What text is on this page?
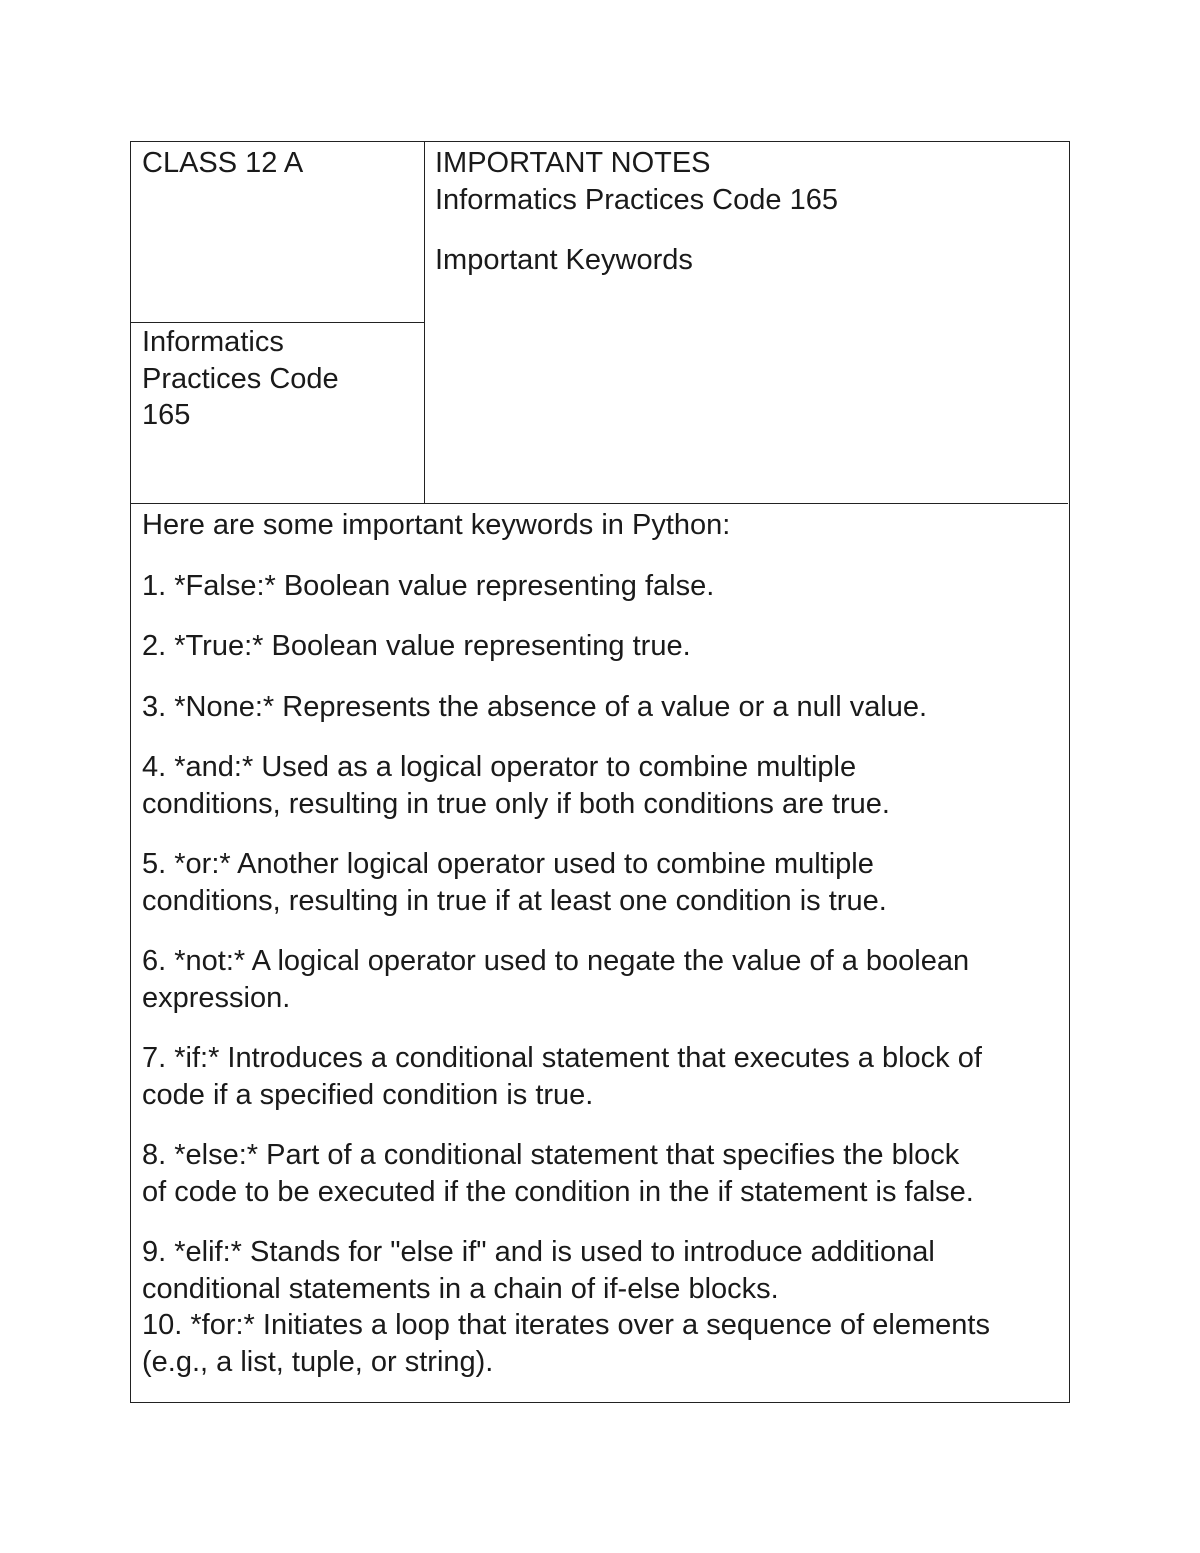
CLASS 12 A
Informatics
Practices Code
165
IMPORTANT NOTES
Informatics Practices Code 165
Important Keywords

Here are some important keywords in Python:

1. *False:* Boolean value representing false.

2. *True:* Boolean value representing true.

3. *None:* Represents the absence of a value or a null value.

4. *and:* Used as a logical operator to combine multiple
conditions, resulting in true only if both conditions are true.

5. *or:* Another logical operator used to combine multiple
conditions, resulting in true if at least one condition is true.

6. *not:* A logical operator used to negate the value of a boolean
expression.

7. *if:* Introduces a conditional statement that executes a block of
code if a specified condition is true.

8. *else:* Part of a conditional statement that specifies the block
of code to be executed if the condition in the if statement is false.

9. *elif:* Stands for "else if" and is used to introduce additional
conditional statements in a chain of if-else blocks.

10. *for:* Initiates a loop that iterates over a sequence of elements
(e.g., a list, tuple, or string).
